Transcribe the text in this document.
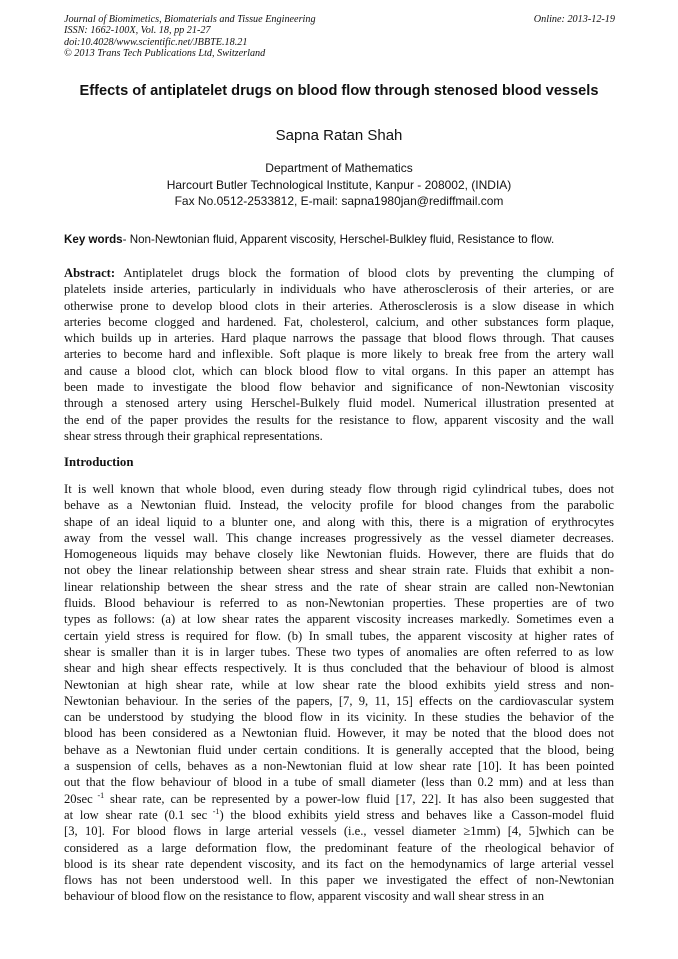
Journal of Biomimetics, Biomaterials and Tissue Engineering
ISSN: 1662-100X, Vol. 18, pp 21-27
doi:10.4028/www.scientific.net/JBBTE.18.21
© 2013 Trans Tech Publications Ltd, Switzerland
Online: 2013-12-19
Effects of antiplatelet drugs on blood flow through stenosed blood vessels
Sapna Ratan Shah
Department of Mathematics
Harcourt Butler Technological Institute, Kanpur - 208002, (INDIA)
Fax No.0512-2533812, E-mail: sapna1980jan@rediffmail.com
Key words- Non-Newtonian fluid, Apparent viscosity, Herschel-Bulkley fluid, Resistance to flow.
Abstract: Antiplatelet drugs block the formation of blood clots by preventing the clumping of
platelets inside arteries, particularly in individuals who have atherosclerosis of their arteries, or are
otherwise prone to develop blood clots in their arteries. Atherosclerosis is a slow disease in which
arteries become clogged and hardened. Fat, cholesterol, calcium, and other substances form plaque,
which builds up in arteries. Hard plaque narrows the passage that blood flows through. That causes
arteries to become hard and inflexible. Soft plaque is more likely to break free from the artery wall
and cause a blood clot, which can block blood flow to vital organs. In this paper an attempt has
been made to investigate the blood flow behavior and significance of non-Newtonian viscosity
through a stenosed artery using Herschel-Bulkely fluid model. Numerical illustration presented at
the end of the paper provides the results for the resistance to flow, apparent viscosity and the wall
shear stress through their graphical representations.
Introduction
It is well known that whole blood, even during steady flow through rigid cylindrical tubes, does not
behave as a Newtonian fluid. Instead, the velocity profile for blood changes from the parabolic
shape of an ideal liquid to a blunter one, and along with this, there is a migration of erythrocytes
away from the vessel wall. This change increases progressively as the vessel diameter decreases.
Homogeneous liquids may behave closely like Newtonian fluids. However, there are fluids that do
not obey the linear relationship between shear stress and shear strain rate. Fluids that exhibit a non-
linear relationship between the shear stress and the rate of shear strain are called non-Newtonian
fluids. Blood behaviour is referred to as non-Newtonian properties. These properties are of two
types as follows: (a) at low shear rates the apparent viscosity increases markedly. Sometimes even a
certain yield stress is required for flow. (b) In small tubes, the apparent viscosity at higher rates of
shear is smaller than it is in larger tubes. These two types of anomalies are often referred to as low
shear and high shear effects respectively. It is thus concluded that the behaviour of blood is almost
Newtonian at high shear rate, while at low shear rate the blood exhibits yield stress and non-
Newtonian behaviour. In the series of the papers, [7, 9, 11, 15] effects on the cardiovascular system
can be understood by studying the blood flow in its vicinity. In these studies the behavior of the
blood has been considered as a Newtonian fluid. However, it may be noted that the blood does not
behave as a Newtonian fluid under certain conditions. It is generally accepted that the blood, being
a suspension of cells, behaves as a non-Newtonian fluid at low shear rate [10]. It has been pointed
out that the flow behaviour of blood in a tube of small diameter (less than 0.2 mm) and at less than
20sec $^{-1}$ shear rate, can be represented by a power-low fluid [17, 22]. It has also been suggested that
at low shear rate (0.1 sec $^{-1}$) the blood exhibits yield stress and behaves like a Casson-model fluid
[3, 10]. For blood flows in large arterial vessels (i.e., vessel diameter ≥1mm) [4, 5]which can be
considered as a large deformation flow, the predominant feature of the rheological behavior of
blood is its shear rate dependent viscosity, and its fact on the hemodynamics of large arterial vessel
flows has not been understood well. In this paper we investigated the effect of non-Newtonian
behaviour of blood flow on the resistance to flow, apparent viscosity and wall shear stress in an
